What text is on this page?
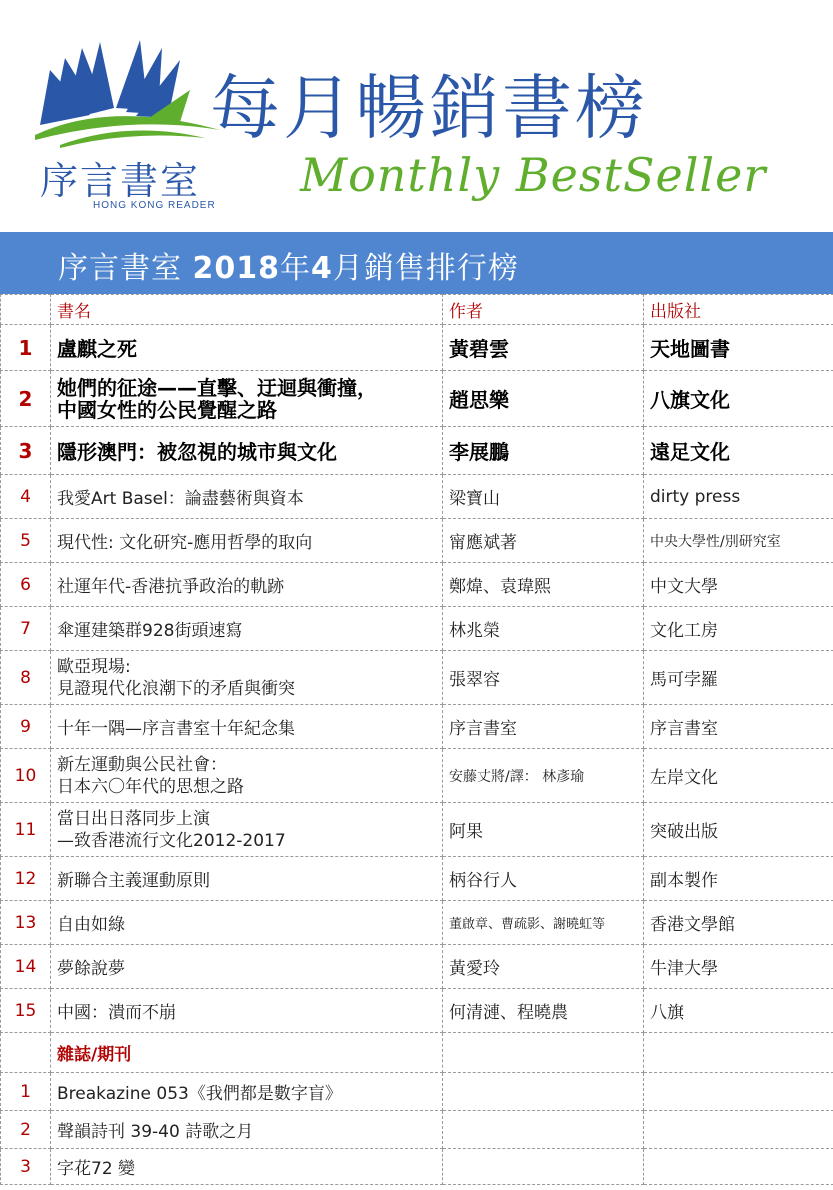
序言書室
HONG KONG READER
每月暢銷書榜
Monthly BestSeller
序言書室 2018年4月銷售排行榜
	書名	作者	出版社
1	盧麒之死	黃碧雲	天地圖書
2	她們的征途——直擊、迂迴與衝撞，
中國女性的公民覺醒之路	趙思樂	八旗文化
3	隱形澳門：被忽視的城市與文化	李展鵬	遠足文化
4	我愛Art Basel：論盡藝術與資本	梁寶山	dirty press
5	現代性: 文化研究-應用哲學的取向	甯應斌著	中央大學性/別研究室
6	社運年代-香港抗爭政治的軌跡	鄭煒、袁瑋熙	中文大學
7	傘運建築群928街頭速寫	林兆榮	文化工房
8	歐亞現場:
見證現代化浪潮下的矛盾與衝突	張翠容	馬可孛羅
9	十年一隅—序言書室十年紀念集	序言書室	序言書室
10	新左運動與公民社會：
日本六〇年代的思想之路	安藤丈將/譯： 林彥瑜	左岸文化
11	當日出日落同步上演
—致香港流行文化2012-2017	阿果	突破出版
12	新聯合主義運動原則	柄谷行人	副本製作
13	自由如綠	董啟章、曹疏影、謝曉虹等	香港文學館
14	夢餘說夢	黃愛玲	牛津大學
15	中國：潰而不崩	何清漣、程曉農	八旗
	雜誌/期刊		
1	Breakazine 053《我們都是數字盲》		
2	聲韻詩刊 39-40 詩歌之月		
3	字花72 變		
